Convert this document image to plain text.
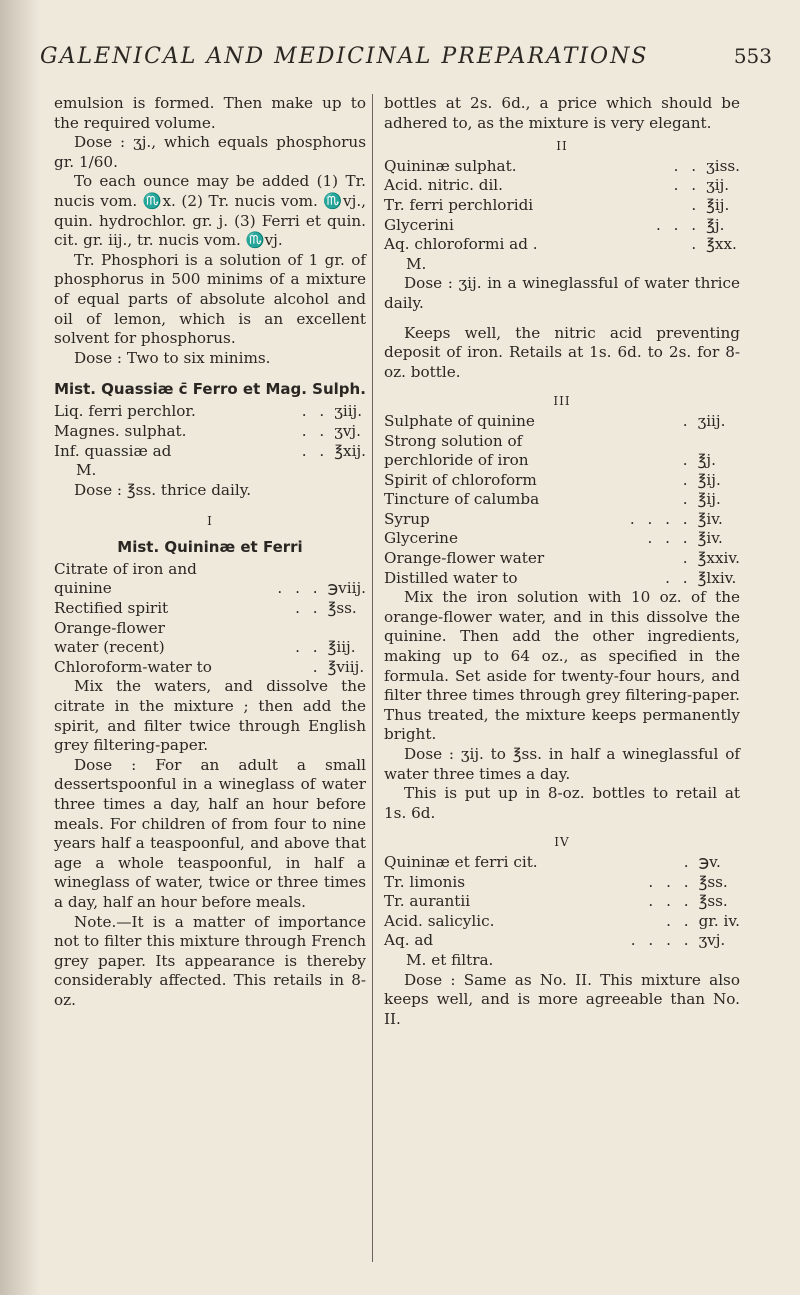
GALENICAL AND MEDICINAL PREPARATIONS	553

emulsion is formed. Then make up to the required volume.

Dose : ʒj., which equals phosphorus gr. 1/60.

To each ounce may be added (1) Tr. nucis vom. ♏x. (2) Tr. nucis vom. ♏vj., quin. hydrochlor. gr. j. (3) Ferri et quin. cit. gr. iij., tr. nucis vom. ♏vj.

Tr. Phosphori is a solution of 1 gr. of phosphorus in 500 minims of a mixture of equal parts of absolute alcohol and oil of lemon, which is an excellent solvent for phosphorus.

Dose : Two to six minims.

Mist. Quassiæ c̄ Ferro et Mag. Sulph.
Liq. ferri perchlor.	. .	ʒiij.
Magnes. sulphat.	. .	ʒvj.
Inf. quassiæ ad	. .	℥xij.
M.

Dose : ℥ss. thrice daily.

I
Mist. Quininæ et Ferri
Citrate of iron and quinine	. . .	℈viij.
Rectified spirit	. .	℥ss.
Orange-flower water (recent)	. .	℥iij.
Chloroform-water to	.	℥viij.

Mix the waters, and dissolve the citrate in the mixture ; then add the spirit, and filter twice through English grey filtering-paper.

Dose : For an adult a small dessertspoonful in a wineglass of water three times a day, half an hour before meals. For children of from four to nine years half a teaspoonful, and above that age a whole teaspoonful, in half a wineglass of water, twice or three times a day, half an hour before meals.

Note.—It is a matter of importance not to filter this mixture through French grey paper. Its appearance is thereby considerably affected. This retails in 8-oz.

bottles at 2s. 6d., a price which should be adhered to, as the mixture is very elegant.

II
Quininæ sulphat.	. .	ʒiss.
Acid. nitric. dil.	. .	ʒij.
Tr. ferri perchloridi	.	℥ij.
Glycerini	. . .	℥j.
Aq. chloroformi ad .	.	℥xx.
M.

Dose : ʒij. in a wineglassful of water thrice daily.

Keeps well, the nitric acid preventing deposit of iron. Retails at 1s. 6d. to 2s. for 8-oz. bottle.

III
Sulphate of quinine	.	ʒiij.
Strong solution of perchloride of iron	.	℥j.
Spirit of chloroform	.	℥ij.
Tincture of calumba	.	℥ij.
Syrup	. . . .	℥iv.
Glycerine	. . .	℥iv.
Orange-flower water	.	℥xxiv.
Distilled water to	. .	℥lxiv.

Mix the iron solution with 10 oz. of the orange-flower water, and in this dissolve the quinine. Then add the other ingredients, making up to 64 oz., as specified in the formula. Set aside for twenty-four hours, and filter three times through grey filtering-paper. Thus treated, the mixture keeps permanently bright.

Dose : ʒij. to ℥ss. in half a wineglassful of water three times a day.

This is put up in 8-oz. bottles to retail at 1s. 6d.

IV
Quininæ et ferri cit.	.	℈v.
Tr. limonis	. . .	℥ss.
Tr. aurantii	. . .	℥ss.
Acid. salicylic.	. .	gr. iv.
Aq. ad	. . . .	ʒvj.
M. et filtra.

Dose : Same as No. II. This mixture also keeps well, and is more agreeable than No. II.
